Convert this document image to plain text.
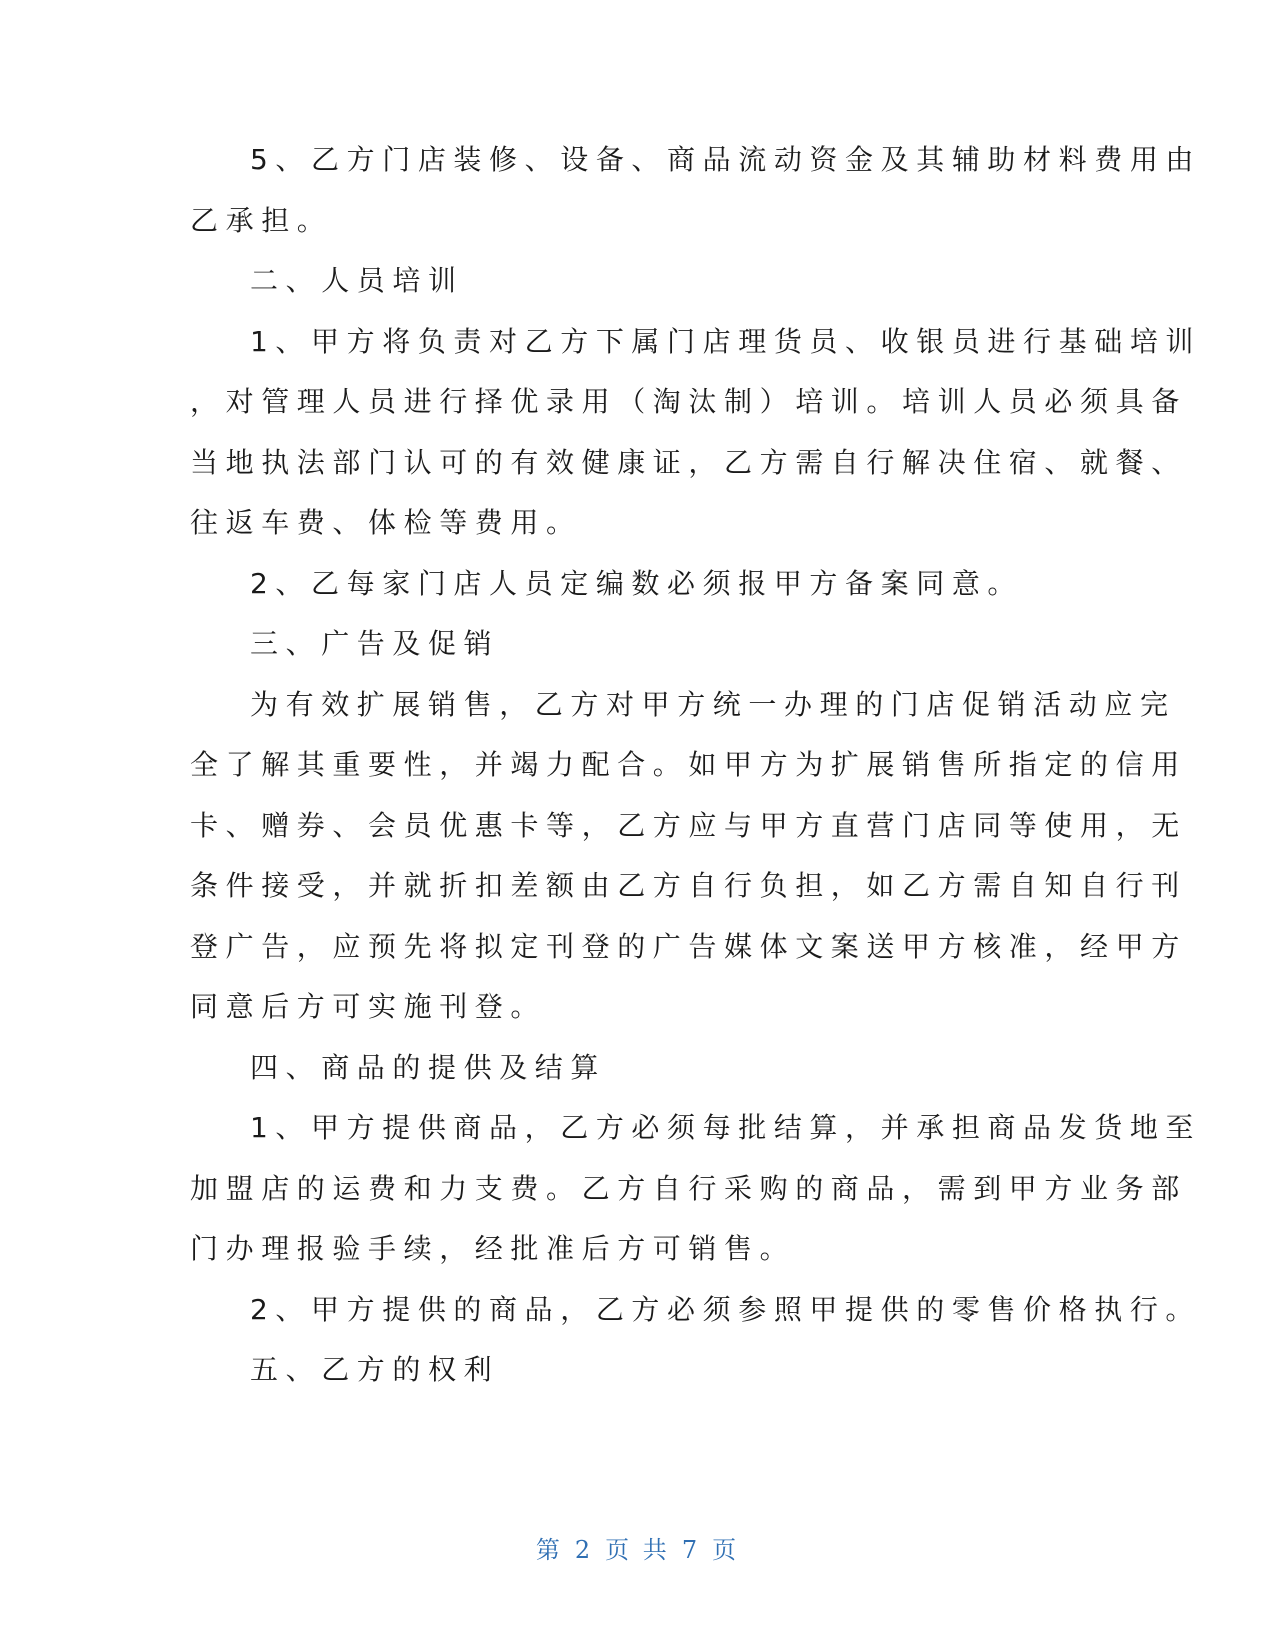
5、乙方门店装修、设备、商品流动资金及其辅助材料费用由
乙承担。
二、人员培训
1、甲方将负责对乙方下属门店理货员、收银员进行基础培训
，对管理人员进行择优录用（淘汰制）培训。培训人员必须具备
当地执法部门认可的有效健康证，乙方需自行解决住宿、就餐、
往返车费、体检等费用。
2、乙每家门店人员定编数必须报甲方备案同意。
三、广告及促销
为有效扩展销售，乙方对甲方统一办理的门店促销活动应完
全了解其重要性，并竭力配合。如甲方为扩展销售所指定的信用
卡、赠券、会员优惠卡等，乙方应与甲方直营门店同等使用，无
条件接受，并就折扣差额由乙方自行负担，如乙方需自知自行刊
登广告，应预先将拟定刊登的广告媒体文案送甲方核准，经甲方
同意后方可实施刊登。
四、商品的提供及结算
1、甲方提供商品，乙方必须每批结算，并承担商品发货地至
加盟店的运费和力支费。乙方自行采购的商品，需到甲方业务部
门办理报验手续，经批准后方可销售。
2、甲方提供的商品，乙方必须参照甲提供的零售价格执行。
五、乙方的权利
第 2 页 共 7 页
